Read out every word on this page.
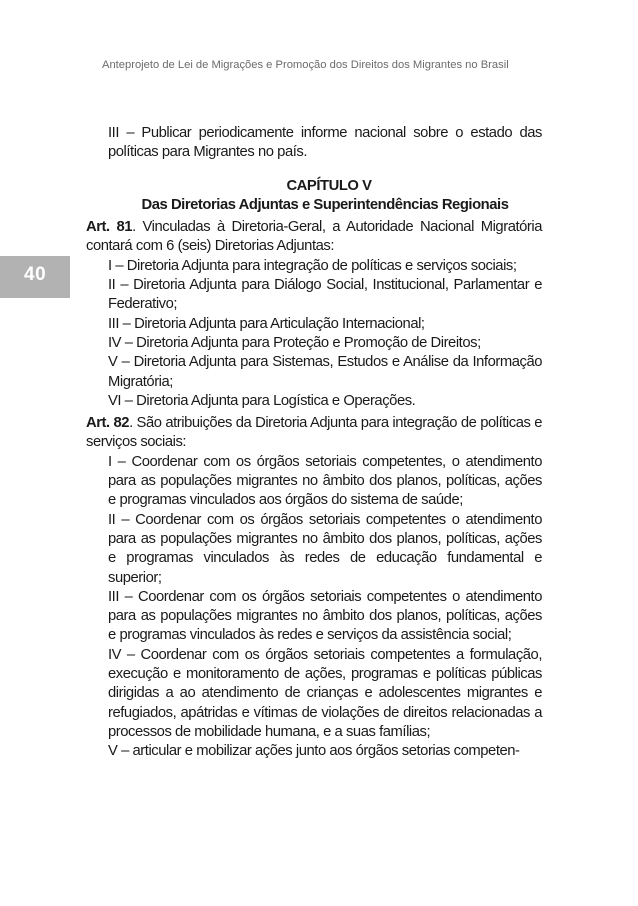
Anteprojeto de Lei de Migrações e Promoção dos Direitos dos Migrantes no Brasil
40

III – Publicar periodicamente informe nacional sobre o estado das políticas para Migrantes no país.

CAPÍTULO V

Das Diretorias Adjuntas e Superintendências Regionais

Art. 81. Vinculadas à Diretoria-Geral, a Autoridade Nacional Migratória contará com 6 (seis) Diretorias Adjuntas:

I – Diretoria Adjunta para integração de políticas e serviços sociais;

II – Diretoria Adjunta para Diálogo Social, Institucional, Parlamentar e Federativo;

III – Diretoria Adjunta para Articulação Internacional;

IV – Diretoria Adjunta para Proteção e Promoção de Direitos;

V – Diretoria Adjunta para Sistemas, Estudos e Análise da Informação Migratória;

VI – Diretoria Adjunta para Logística e Operações.

Art. 82. São atribuições da Diretoria Adjunta para integração de políticas e serviços sociais:

I – Coordenar com os órgãos setoriais competentes, o atendimento para as populações migrantes no âmbito dos planos, políticas, ações e programas vinculados aos órgãos do sistema de saúde;

II – Coordenar com os órgãos setoriais competentes o atendimento para as populações migrantes no âmbito dos planos, políticas, ações e programas vinculados às redes de educação fundamental e superior;

III – Coordenar com os órgãos setoriais competentes o atendimento para as populações migrantes no âmbito dos planos, políticas, ações e programas vinculados às redes e serviços da assistência social;

IV – Coordenar com os órgãos setoriais competentes a formulação, execução e monitoramento de ações, programas e políticas públicas dirigidas a ao atendimento de crianças e adolescentes migrantes e refugiados, apátridas e vítimas de violações de direitos relacionadas a processos de mobilidade humana, e a suas famílias;

V – articular e mobilizar ações junto aos órgãos setorias competen-
